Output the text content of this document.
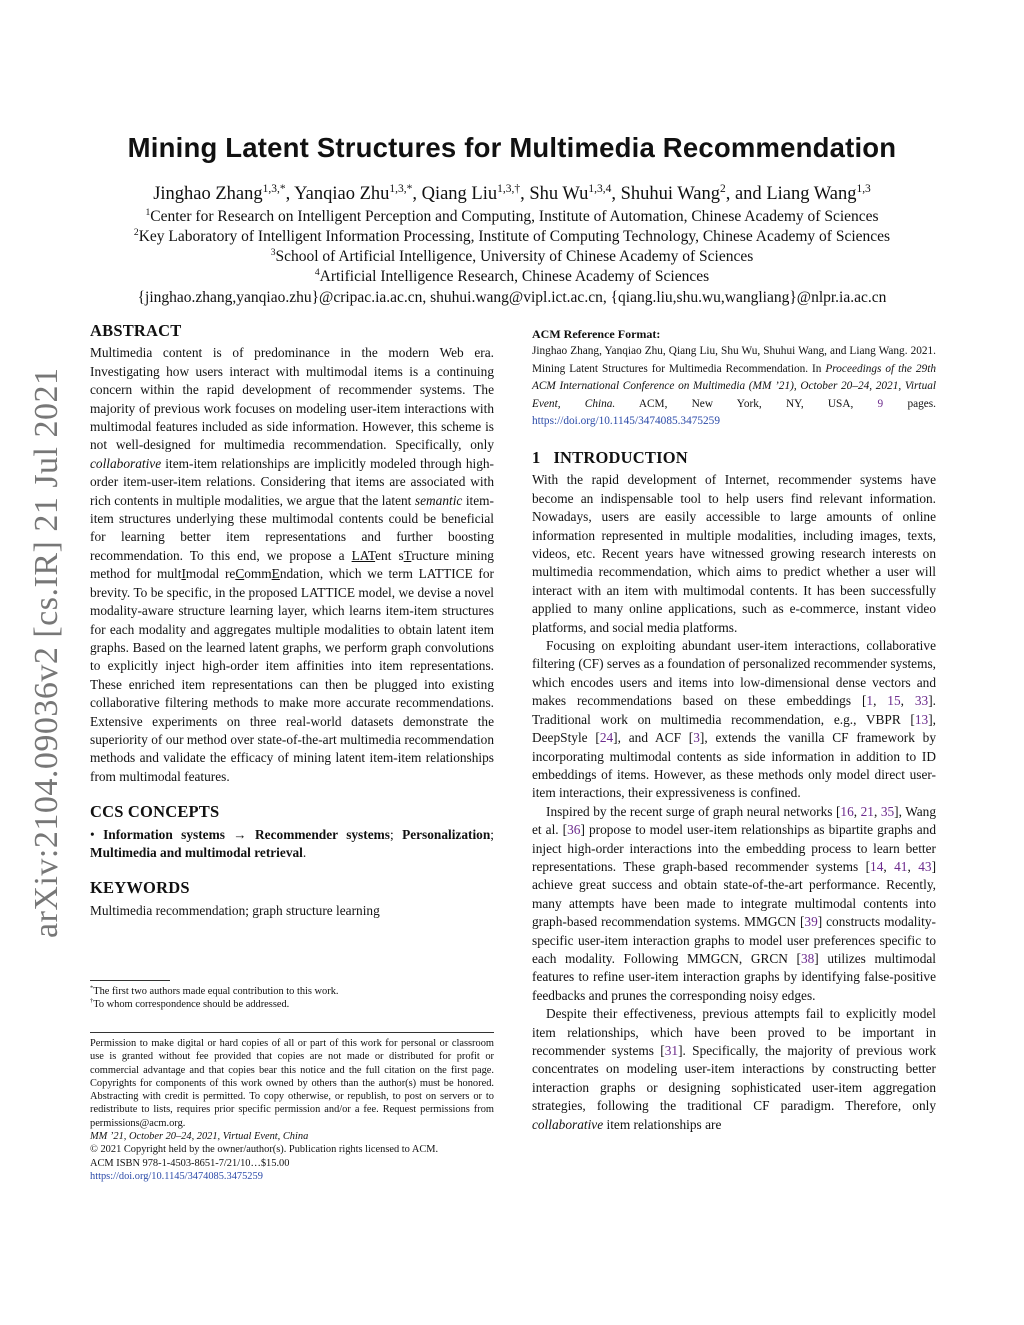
arXiv:2104.09036v2 [cs.IR] 21 Jul 2021
Mining Latent Structures for Multimedia Recommendation
Jinghao Zhang$^{1,3,*}$, Yanqiao Zhu$^{1,3,*}$, Qiang Liu$^{1,3,\dagger}$, Shu Wu$^{1,3,4}$, Shuhui Wang$^2$, and Liang Wang$^{1,3}$
$^1$Center for Research on Intelligent Perception and Computing, Institute of Automation, Chinese Academy of Sciences
$^2$Key Laboratory of Intelligent Information Processing, Institute of Computing Technology, Chinese Academy of Sciences
$^3$School of Artificial Intelligence, University of Chinese Academy of Sciences
$^4$Artificial Intelligence Research, Chinese Academy of Sciences
{jinghao.zhang,yanqiao.zhu}@cripac.ia.ac.cn, shuhui.wang@vipl.ict.ac.cn, {qiang.liu,shu.wu,wangliang}@nlpr.ia.ac.cn
ABSTRACT

Multimedia content is of predominance in the modern Web era. Investigating how users interact with multimodal items is a continuing concern within the rapid development of recommender systems. The majority of previous work focuses on modeling user-item interactions with multimodal features included as side information. However, this scheme is not well-designed for multimedia recommendation. Specifically, only collaborative item-item relationships are implicitly modeled through high-order item-user-item relations. Considering that items are associated with rich contents in multiple modalities, we argue that the latent semantic item-item structures underlying these multimodal contents could be beneficial for learning better item representations and further boosting recommendation. To this end, we propose a LATent sTructure mining method for multImodal reCommEndation, which we term LATTICE for brevity. To be specific, in the proposed LATTICE model, we devise a novel modality-aware structure learning layer, which learns item-item structures for each modality and aggregates multiple modalities to obtain latent item graphs. Based on the learned latent graphs, we perform graph convolutions to explicitly inject high-order item affinities into item representations. These enriched item representations can then be plugged into existing collaborative filtering methods to make more accurate recommendations. Extensive experiments on three real-world datasets demonstrate the superiority of our method over state-of-the-art multimedia recommendation methods and validate the efficacy of mining latent item-item relationships from multimodal features.

CCS CONCEPTS

• Information systems → Recommender systems; Personalization; Multimedia and multimodal retrieval.

KEYWORDS

Multimedia recommendation; graph structure learning

*The first two authors made equal contribution to this work.

†To whom correspondence should be addressed.

Permission to make digital or hard copies of all or part of this work for personal or classroom use is granted without fee provided that copies are not made or distributed for profit or commercial advantage and that copies bear this notice and the full citation on the first page. Copyrights for components of this work owned by others than the author(s) must be honored. Abstracting with credit is permitted. To copy otherwise, or republish, to post on servers or to redistribute to lists, requires prior specific permission and/or a fee. Request permissions from permissions@acm.org.

MM ’21, October 20–24, 2021, Virtual Event, China

© 2021 Copyright held by the owner/author(s). Publication rights licensed to ACM.

ACM ISBN 978-1-4503-8651-7/21/10…$15.00

https://doi.org/10.1145/3474085.3475259

ACM Reference Format:

Jinghao Zhang, Yanqiao Zhu, Qiang Liu, Shu Wu, Shuhui Wang, and Liang Wang. 2021. Mining Latent Structures for Multimedia Recommendation. In Proceedings of the 29th ACM International Conference on Multimedia (MM ’21), October 20–24, 2021, Virtual Event, China. ACM, New York, NY, USA, 9 pages. https://doi.org/10.1145/3474085.3475259

1 INTRODUCTION

With the rapid development of Internet, recommender systems have become an indispensable tool to help users find relevant information. Nowadays, users are easily accessible to large amounts of online information represented in multiple modalities, including images, texts, videos, etc. Recent years have witnessed growing research interests on multimedia recommendation, which aims to predict whether a user will interact with an item with multimodal contents. It has been successfully applied to many online applications, such as e-commerce, instant video platforms, and social media platforms.

Focusing on exploiting abundant user-item interactions, collaborative filtering (CF) serves as a foundation of personalized recommender systems, which encodes users and items into low-dimensional dense vectors and makes recommendations based on these embeddings [1, 15, 33]. Traditional work on multimedia recommendation, e.g., VBPR [13], DeepStyle [24], and ACF [3], extends the vanilla CF framework by incorporating multimodal contents as side information in addition to ID embeddings of items. However, as these methods only model direct user-item interactions, their expressiveness is confined.

Inspired by the recent surge of graph neural networks [16, 21, 35], Wang et al. [36] propose to model user-item relationships as bipartite graphs and inject high-order interactions into the embedding process to learn better representations. These graph-based recommender systems [14, 41, 43] achieve great success and obtain state-of-the-art performance. Recently, many attempts have been made to integrate multimodal contents into graph-based recommendation systems. MMGCN [39] constructs modality-specific user-item interaction graphs to model user preferences specific to each modality. Following MMGCN, GRCN [38] utilizes multimodal features to refine user-item interaction graphs by identifying false-positive feedbacks and prunes the corresponding noisy edges.

Despite their effectiveness, previous attempts fail to explicitly model item relationships, which have been proved to be important in recommender systems [31]. Specifically, the majority of previous work concentrates on modeling user-item interactions by constructing better interaction graphs or designing sophisticated user-item aggregation strategies, following the traditional CF paradigm. Therefore, only collaborative item relationships are
